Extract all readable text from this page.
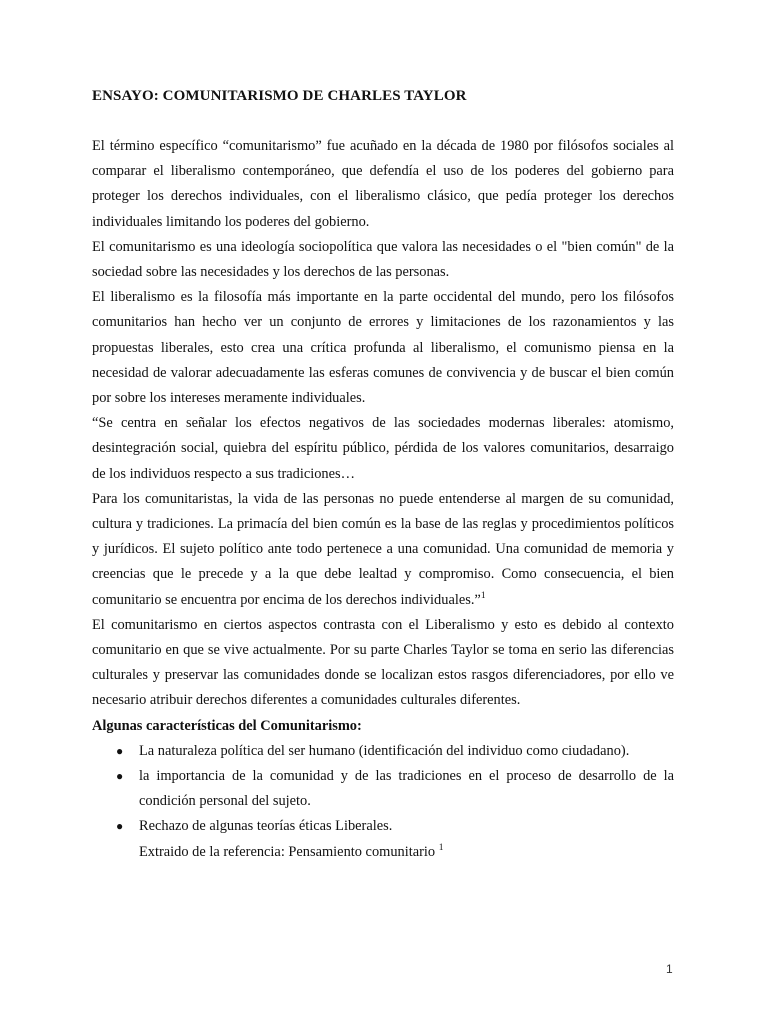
ENSAYO: COMUNITARISMO DE CHARLES TAYLOR

El término específico “comunitarismo” fue acuñado en la década de 1980 por filósofos sociales al comparar el liberalismo contemporáneo, que defendía el uso de los poderes del gobierno para proteger los derechos individuales, con el liberalismo clásico, que pedía proteger los derechos individuales limitando los poderes del gobierno.

El comunitarismo es una ideología sociopolítica que valora las necesidades o el "bien común" de la sociedad sobre las necesidades y los derechos de las personas.

El liberalismo es la filosofía más importante en la parte occidental del mundo, pero los filósofos comunitarios han hecho ver un conjunto de errores y limitaciones de los razonamientos y las propuestas liberales, esto crea una crítica profunda al liberalismo, el comunismo piensa en la necesidad de valorar adecuadamente las esferas comunes de convivencia y de buscar el bien común por sobre los intereses meramente individuales.

“Se centra en señalar los efectos negativos de las sociedades modernas liberales: atomismo, desintegración social, quiebra del espíritu público, pérdida de los valores comunitarios, desarraigo de los individuos respecto a sus tradiciones…

Para los comunitaristas, la vida de las personas no puede entenderse al margen de su comunidad, cultura y tradiciones. La primacía del bien común es la base de las reglas y procedimientos políticos y jurídicos. El sujeto político ante todo pertenece a una comunidad. Una comunidad de memoria y creencias que le precede y a la que debe lealtad y compromiso. Como consecuencia, el bien comunitario se encuentra por encima de los derechos individuales.”$^1$

El comunitarismo en ciertos aspectos contrasta con el Liberalismo y esto es debido al contexto comunitario en que se vive actualmente. Por su parte Charles Taylor se toma en serio las diferencias culturales y preservar las comunidades donde se localizan estos rasgos diferenciadores, por ello ve necesario atribuir derechos diferentes a comunidades culturales diferentes.

Algunas características del Comunitarismo:
● La naturaleza política del ser humano (identificación del individuo como ciudadano).
● la importancia de la comunidad y de las tradiciones en el proceso de desarrollo de la condición personal del sujeto.
● Rechazo de algunas teorías éticas Liberales.
Extraido de la referencia: Pensamiento comunitario $^1$
1
